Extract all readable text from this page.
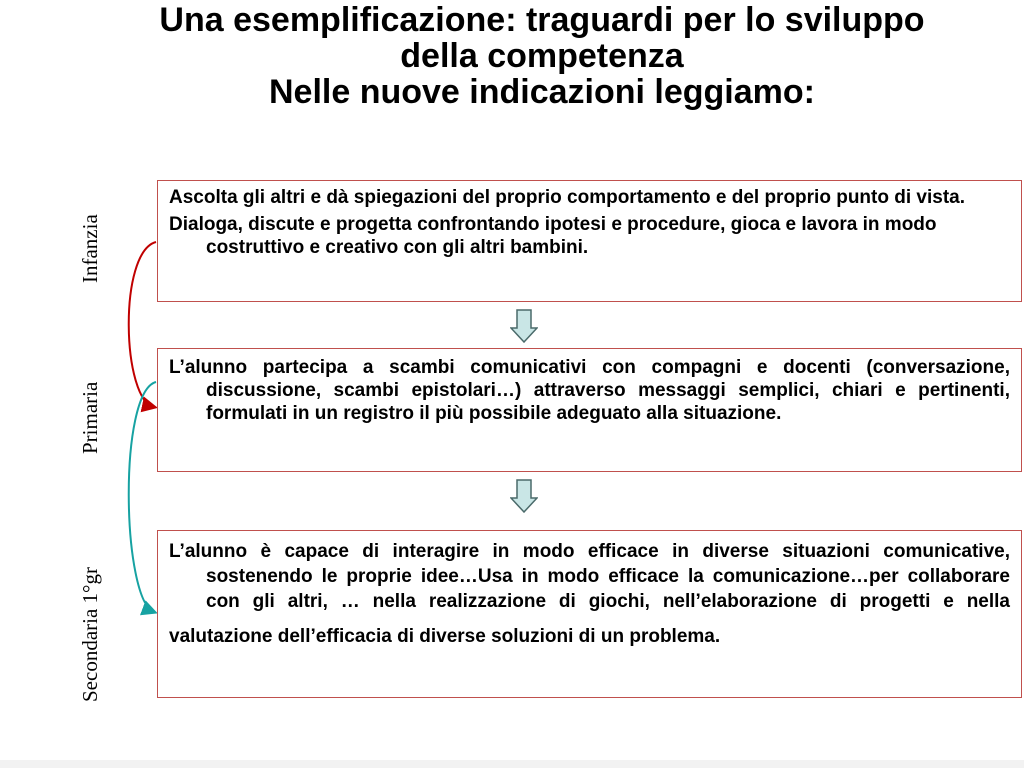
Una esemplificazione: traguardi per lo sviluppo
della competenza
Nelle nuove indicazioni leggiamo:
Infanzia
Primaria
Secondaria 1°gr

Ascolta gli altri e dà spiegazioni del proprio comportamento e del proprio punto di vista.

Dialoga, discute e progetta confrontando ipotesi e procedure, gioca e lavora in modo costruttivo e creativo con gli altri bambini.

L’alunno partecipa a scambi comunicativi con compagni e docenti (conversazione, discussione, scambi epistolari…) attraverso messaggi semplici, chiari e pertinenti, formulati in un registro il più possibile adeguato alla situazione.

L’alunno è capace di interagire in modo efficace in diverse situazioni comunicative, sostenendo le proprie idee…Usa in modo efficace la comunicazione…per collaborare con gli altri, … nella realizzazione di giochi, nell’elaborazione di progetti e nella valutazione dell’efficacia di diverse soluzioni di un problema.
